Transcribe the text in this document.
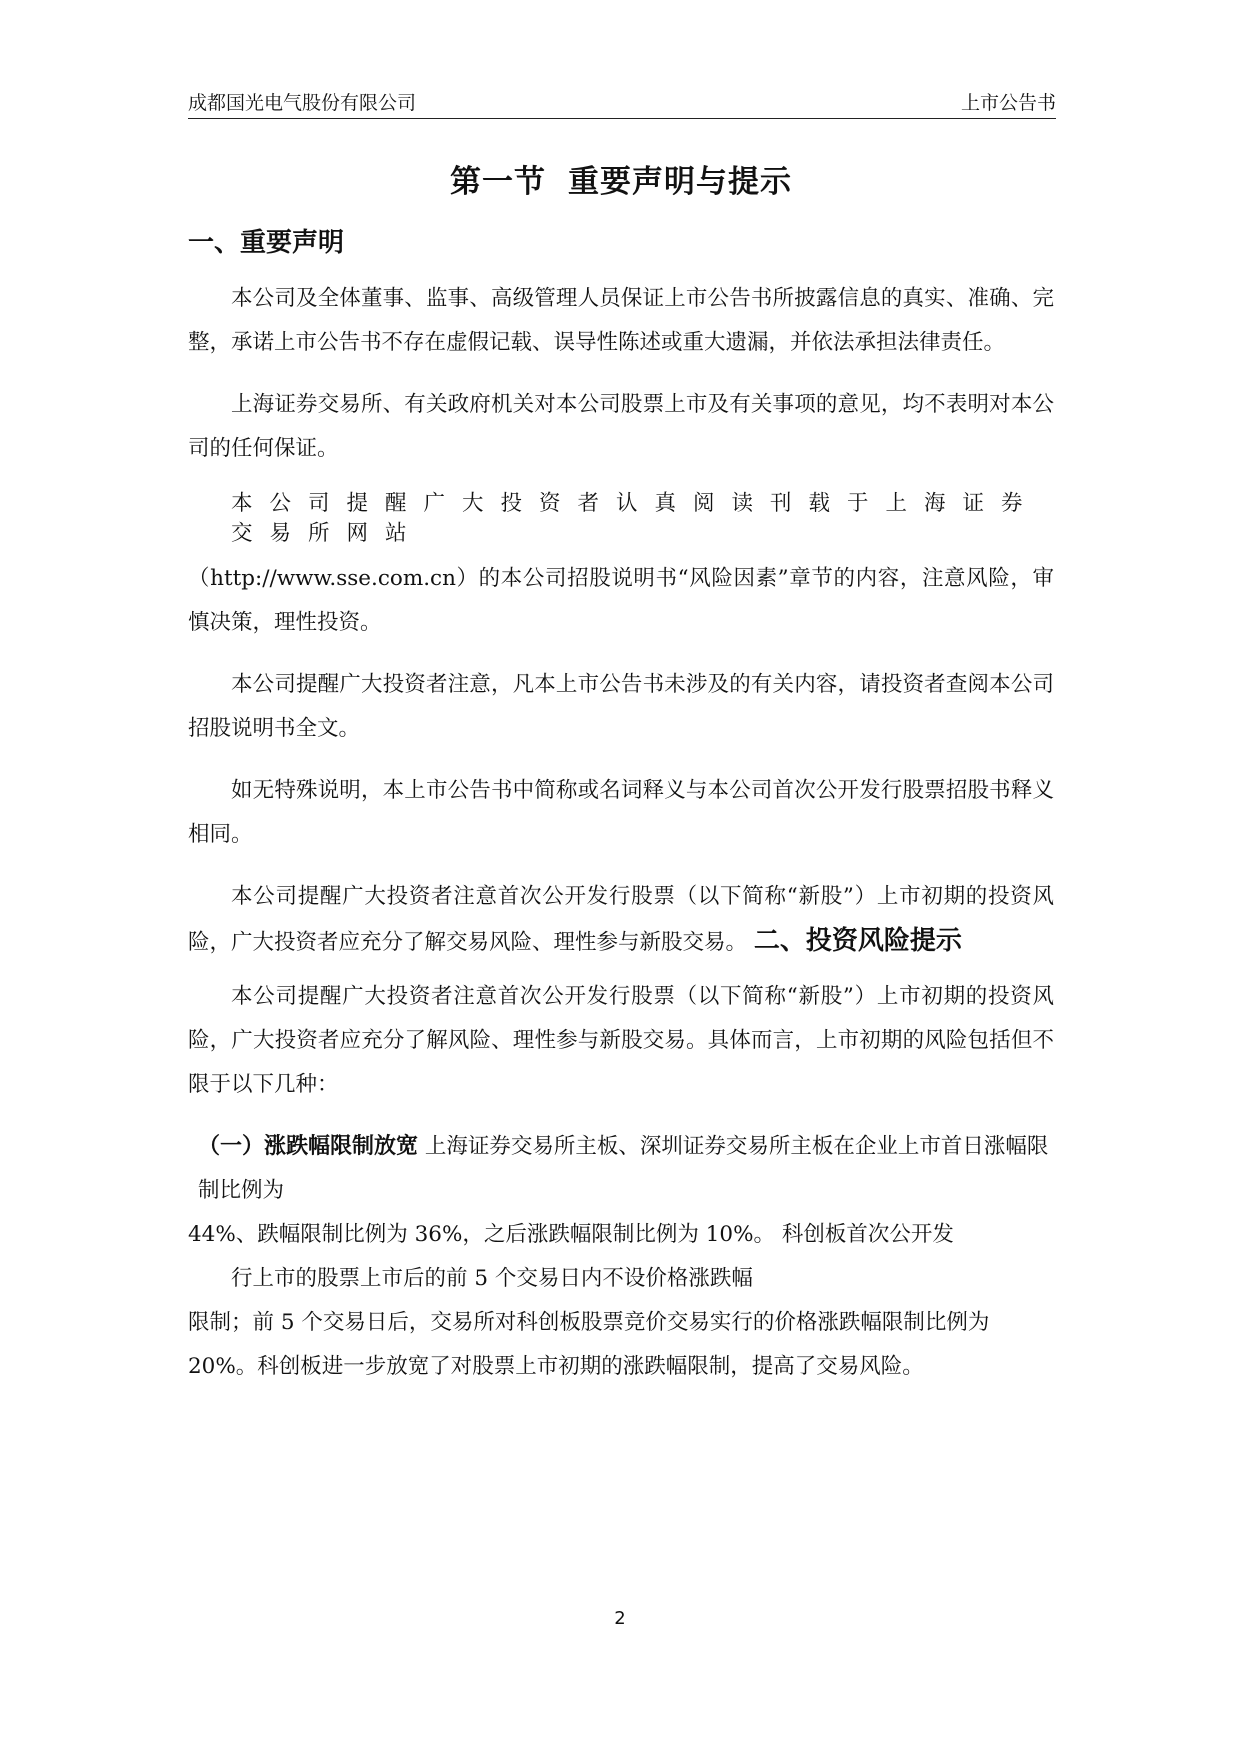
成都国光电气股份有限公司	上市公告书
第一节 重要声明与提示
一、重要声明

本公司及全体董事、监事、高级管理人员保证上市公告书所披露信息的真实、准确、完整，承诺上市公告书不存在虚假记载、误导性陈述或重大遗漏，并依法承担法律责任。

上海证券交易所、有关政府机关对本公司股票上市及有关事项的意见，均不表明对本公司的任何保证。

本公司提醒广大投资者认真阅读刊载于上海证券交易所网站

（http://www.sse.com.cn）的本公司招股说明书“风险因素”章节的内容，注意风险，审慎决策，理性投资。

本公司提醒广大投资者注意，凡本上市公告书未涉及的有关内容，请投资者查阅本公司招股说明书全文。

如无特殊说明，本上市公告书中简称或名词释义与本公司首次公开发行股票招股书释义相同。

本公司提醒广大投资者注意首次公开发行股票（以下简称“新股”）上市初期的投资风险，广大投资者应充分了解交易风险、理性参与新股交易。 二、投资风险提示

本公司提醒广大投资者注意首次公开发行股票（以下简称“新股”）上市初期的投资风险，广大投资者应充分了解风险、理性参与新股交易。具体而言，上市初期的风险包括但不限于以下几种：

（一）涨跌幅限制放宽 上海证券交易所主板、深圳证券交易所主板在企业上市首日涨幅限制比例为

44%、跌幅限制比例为 36%，之后涨跌幅限制比例为 10%。 科创板首次公开发

行上市的股票上市后的前 5 个交易日内不设价格涨跌幅

限制；前 5 个交易日后，交易所对科创板股票竞价交易实行的价格涨跌幅限制比例为 20%。科创板进一步放宽了对股票上市初期的涨跌幅限制，提高了交易风险。

2
